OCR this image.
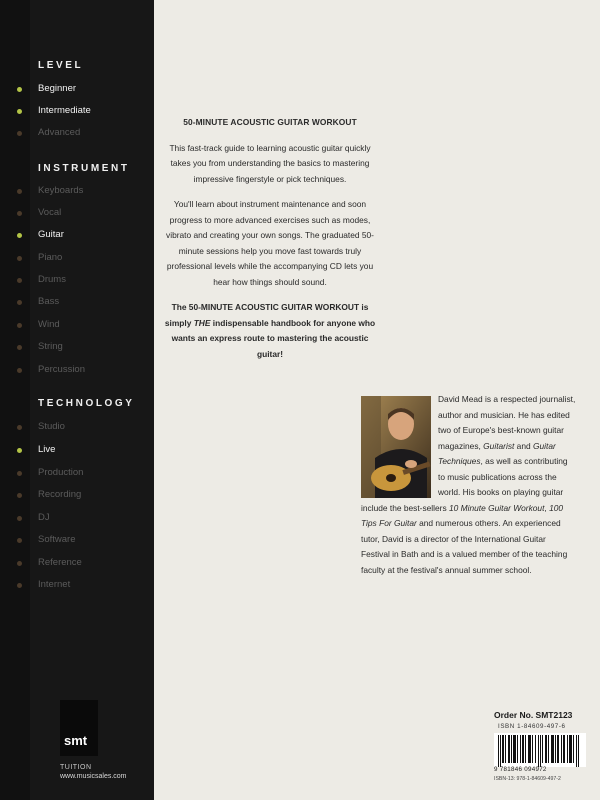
LEVEL
Beginner
Intermediate
Advanced
INSTRUMENT
Keyboards
Vocal
Guitar
Piano
Drums
Bass
Wind
String
Percussion
TECHNOLOGY
Studio
Live
Production
Recording
DJ
Software
Reference
Internet
50-MINUTE ACOUSTIC GUITAR WORKOUT

This fast-track guide to learning acoustic guitar quickly takes you from understanding the basics to mastering impressive fingerstyle or pick techniques.

You'll learn about instrument maintenance and soon progress to more advanced exercises such as modes, vibrato and creating your own songs. The graduated 50-minute sessions help you move fast towards truly professional levels while the accompanying CD lets you hear how things should sound.

The 50-MINUTE ACOUSTIC GUITAR WORKOUT is simply THE indispensable handbook for anyone who wants an express route to mastering the acoustic guitar!

David Mead is a respected journalist, author and musician. He has edited two of Europe's best-known guitar magazines, Guitarist and Guitar Techniques, as well as contributing to music publications across the world. His books on playing guitar include the best-sellers 10 Minute Guitar Workout, 100 Tips For Guitar and numerous others. An experienced tutor, David is a director of the International Guitar Festival in Bath and is a valued member of the teaching faculty at the festival's annual summer school.
smt
TUITION
www.musicsales.com
Order No. SMT2123
ISBN 1-84609-497-6
9 781846 094972
ISBN-13: 978-1-84609-497-2
